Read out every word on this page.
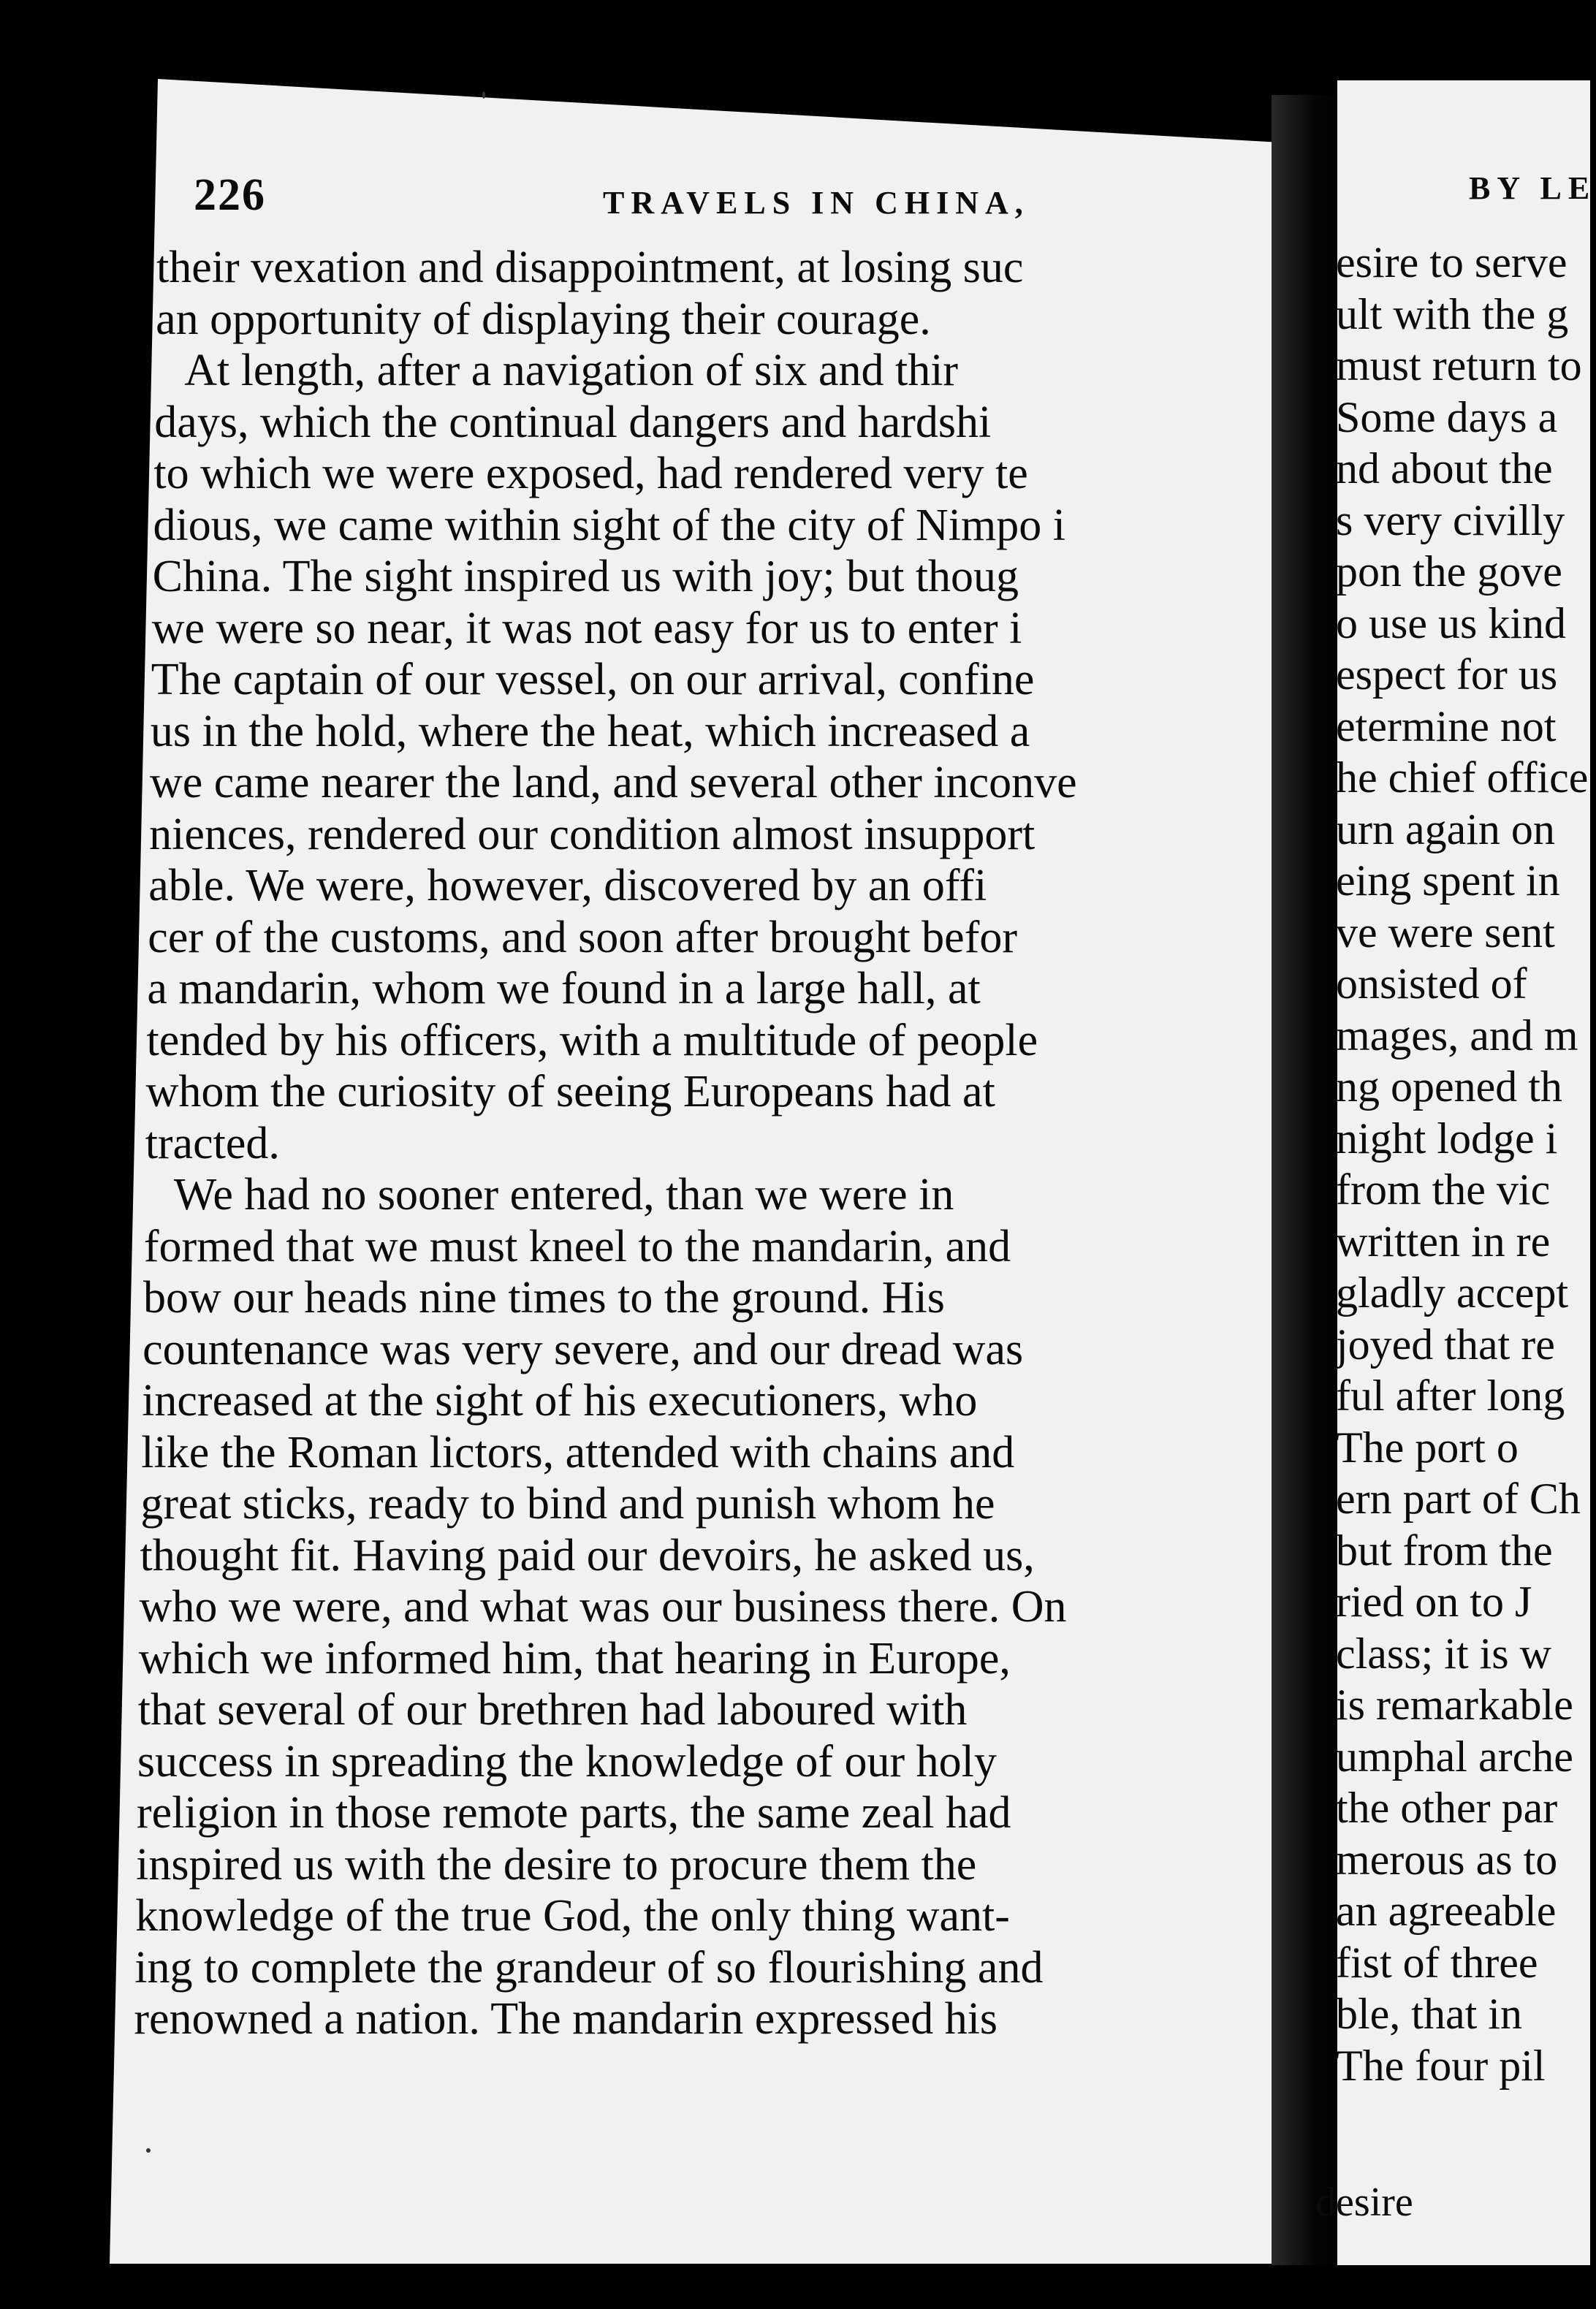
BY LE
esire to serve
ult with the g
must return to
Some days a
nd about the
s very civilly
pon the gove
o use us kind
espect for us
etermine not
he chief office
urn again on
eing spent in
ve were sent
onsisted of
mages, and m
ng opened th
night lodge i
from the vic
written in re
gladly accept
joyed that re
ful after long
The port o
ern part of Ch
but from the
ried on to J
class; it is w
is remarkable
umphal arche
the other par
merous as to
an agreeable
fist of three
ble, that in
The four pil
226	TRAVELS IN CHINA,
desire
their vexation and disappointment, at losing suc
an opportunity of displaying their courage.
At length, after a navigation of six and thir
days, which the continual dangers and hardshi
to which we were exposed, had rendered very te
dious, we came within sight of the city of Nimpo i
China. The sight inspired us with joy; but thoug
we were so near, it was not easy for us to enter i
The captain of our vessel, on our arrival, confine
us in the hold, where the heat, which increased a
we came nearer the land, and several other inconve
niences, rendered our condition almost insupport
able. We were, however, discovered by an offi
cer of the customs, and soon after brought befor
a mandarin, whom we found in a large hall, at
tended by his officers, with a multitude of people
whom the curiosity of seeing Europeans had at
tracted.
We had no sooner entered, than we were in
formed that we must kneel to the mandarin, and
bow our heads nine times to the ground. His
countenance was very severe, and our dread was
increased at the sight of his executioners, who
like the Roman lictors, attended with chains and
great sticks, ready to bind and punish whom he
thought fit. Having paid our devoirs, he asked us,
who we were, and what was our business there. On
which we informed him, that hearing in Europe,
that several of our brethren had laboured with
success in spreading the knowledge of our holy
religion in those remote parts, the same zeal had
inspired us with the desire to procure them the
knowledge of the true God, the only thing want-
ing to complete the grandeur of so flourishing and
renowned a nation. The mandarin expressed his
